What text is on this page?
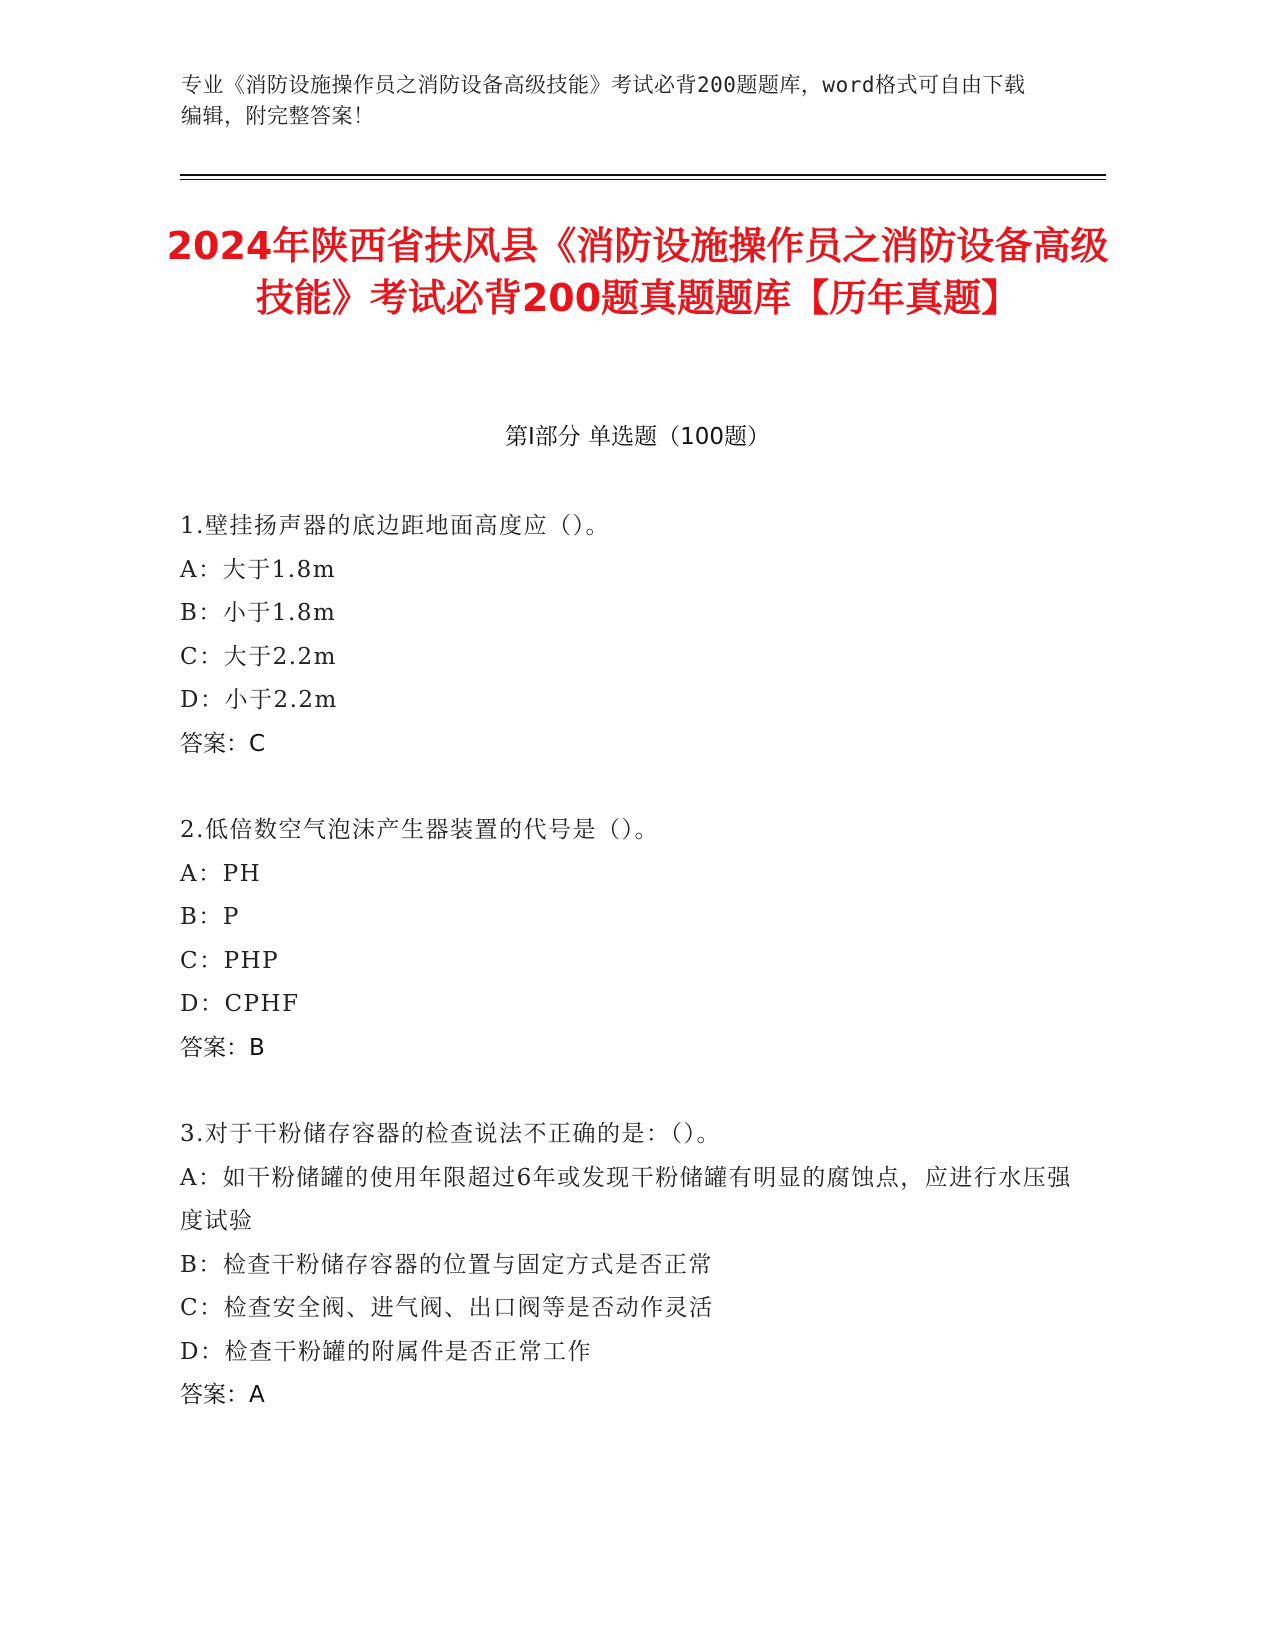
专业《消防设施操作员之消防设备高级技能》考试必背200题题库，word格式可自由下载编辑，附完整答案！
2024年陕西省扶风县《消防设施操作员之消防设备高级技能》考试必背200题真题题库【历年真题】
第I部分 单选题（100题）
1.壁挂扬声器的底边距地面高度应（）。
A： 大于1.8m
B： 小于1.8m
C： 大于2.2m
D： 小于2.2m
答案：C
2.低倍数空气泡沫产生器装置的代号是（）。
A： PH
B： P
C： PHP
D： CPHF
答案：B
3.对于干粉储存容器的检查说法不正确的是：（）。
A：如干粉储罐的使用年限超过6年或发现干粉储罐有明显的腐蚀点，应进行水压强度试验
B： 检查干粉储存容器的位置与固定方式是否正常
C： 检查安全阀、进气阀、出口阀等是否动作灵活
D： 检查干粉罐的附属件是否正常工作
答案：A
